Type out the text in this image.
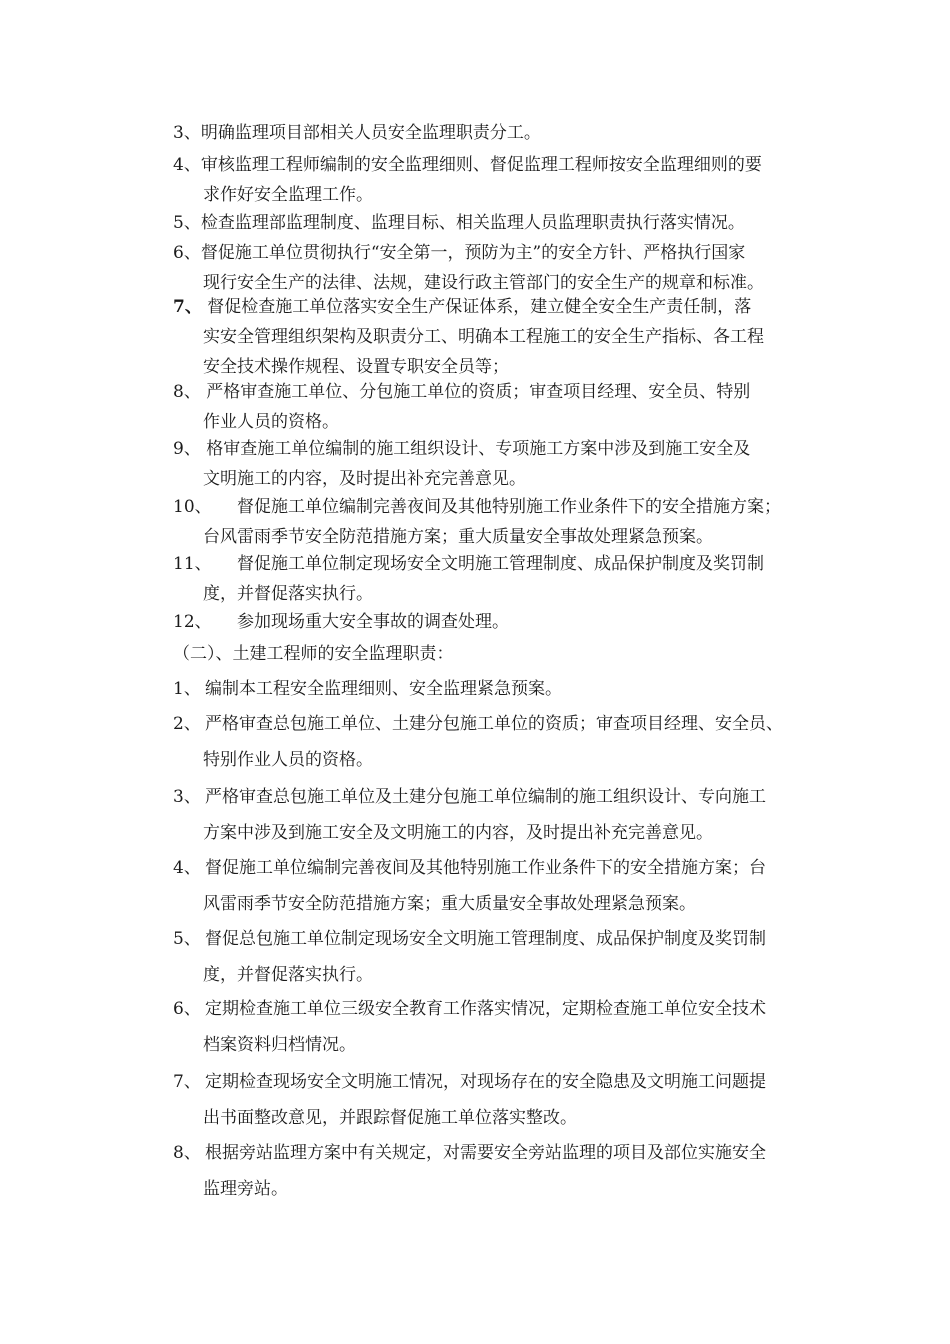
3、明确监理项目部相关人员安全监理职责分工。
4、审核监理工程师编制的安全监理细则、督促监理工程师按安全监理细则的要
求作好安全监理工作。
5、检查监理部监理制度、监理目标、相关监理人员监理职责执行落实情况。
6、督促施工单位贯彻执行“安全第一，预防为主”的安全方针、严格执行国家
现行安全生产的法律、法规，建设行政主管部门的安全生产的规章和标准。
7、 督促检查施工单位落实安全生产保证体系，建立健全安全生产责任制，落
实安全管理组织架构及职责分工、明确本工程施工的安全生产指标、各工程
安全技术操作规程、设置专职安全员等；
8、 严格审查施工单位、分包施工单位的资质；审查项目经理、安全员、特别
作业人员的资格。
9、 格审查施工单位编制的施工组织设计、专项施工方案中涉及到施工安全及
文明施工的内容，及时提出补充完善意见。
10、 督促施工单位编制完善夜间及其他特别施工作业条件下的安全措施方案；
台风雷雨季节安全防范措施方案；重大质量安全事故处理紧急预案。
11、 督促施工单位制定现场安全文明施工管理制度、成品保护制度及奖罚制
度，并督促落实执行。
12、 参加现场重大安全事故的调查处理。
（二）、土建工程师的安全监理职责：
1、 编制本工程安全监理细则、安全监理紧急预案。
2、 严格审查总包施工单位、土建分包施工单位的资质；审查项目经理、安全员、
特别作业人员的资格。
3、 严格审查总包施工单位及土建分包施工单位编制的施工组织设计、专向施工
方案中涉及到施工安全及文明施工的内容，及时提出补充完善意见。
4、 督促施工单位编制完善夜间及其他特别施工作业条件下的安全措施方案；台
风雷雨季节安全防范措施方案；重大质量安全事故处理紧急预案。
5、 督促总包施工单位制定现场安全文明施工管理制度、成品保护制度及奖罚制
度，并督促落实执行。
6、 定期检查施工单位三级安全教育工作落实情况，定期检查施工单位安全技术
档案资料归档情况。
7、 定期检查现场安全文明施工情况，对现场存在的安全隐患及文明施工问题提
出书面整改意见，并跟踪督促施工单位落实整改。
8、 根据旁站监理方案中有关规定，对需要安全旁站监理的项目及部位实施安全
监理旁站。
